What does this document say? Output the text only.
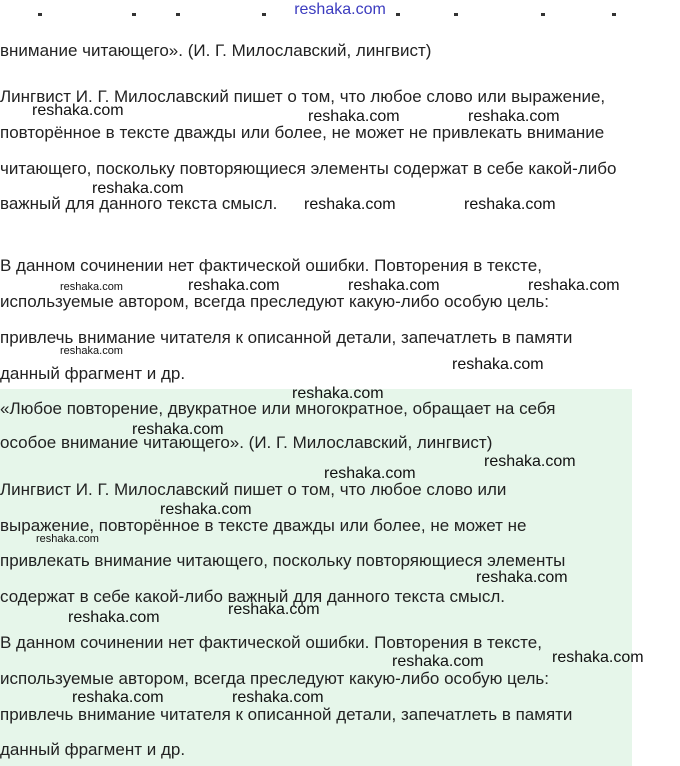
reshaka.com
внимание читающего». (И. Г. Милославский, лингвист)
Лингвист И. Г. Милославский пишет о том, что любое слово или выражение,
повторённое в тексте дважды или более, не может не привлекать внимание
читающего, поскольку повторяющиеся элементы содержат в себе какой-либо
важный для данного текста смысл.
В данном сочинении нет фактической ошибки. Повторения в тексте,
используемые автором, всегда преследуют какую-либо особую цель:
привлечь внимание читателя к описанной детали, запечатлеть в памяти
данный фрагмент и др.
«Любое повторение, двукратное или многократное, обращает на себя
особое внимание читающего». (И. Г. Милославский, лингвист)
Лингвист И. Г. Милославский пишет о том, что любое слово или
выражение, повторённое в тексте дважды или более, не может не
привлекать внимание читающего, поскольку повторяющиеся элементы
содержат в себе какой-либо важный для данного текста смысл.
В данном сочинении нет фактической ошибки. Повторения в тексте,
используемые автором, всегда преследуют какую-либо особую цель:
привлечь внимание читателя к описанной детали, запечатлеть в памяти
данный фрагмент и др.
reshaka.com	reshaka.com	reshaka.com
reshaka.com
reshaka.com	reshaka.com
reshaka.com	reshaka.com	reshaka.com	reshaka.com
reshaka.com
reshaka.com
reshaka.com
reshaka.com
reshaka.com
reshaka.com
reshaka.com
reshaka.com
reshaka.com
reshaka.com
reshaka.com
reshaka.com	reshaka.com
reshaka.com	reshaka.com
